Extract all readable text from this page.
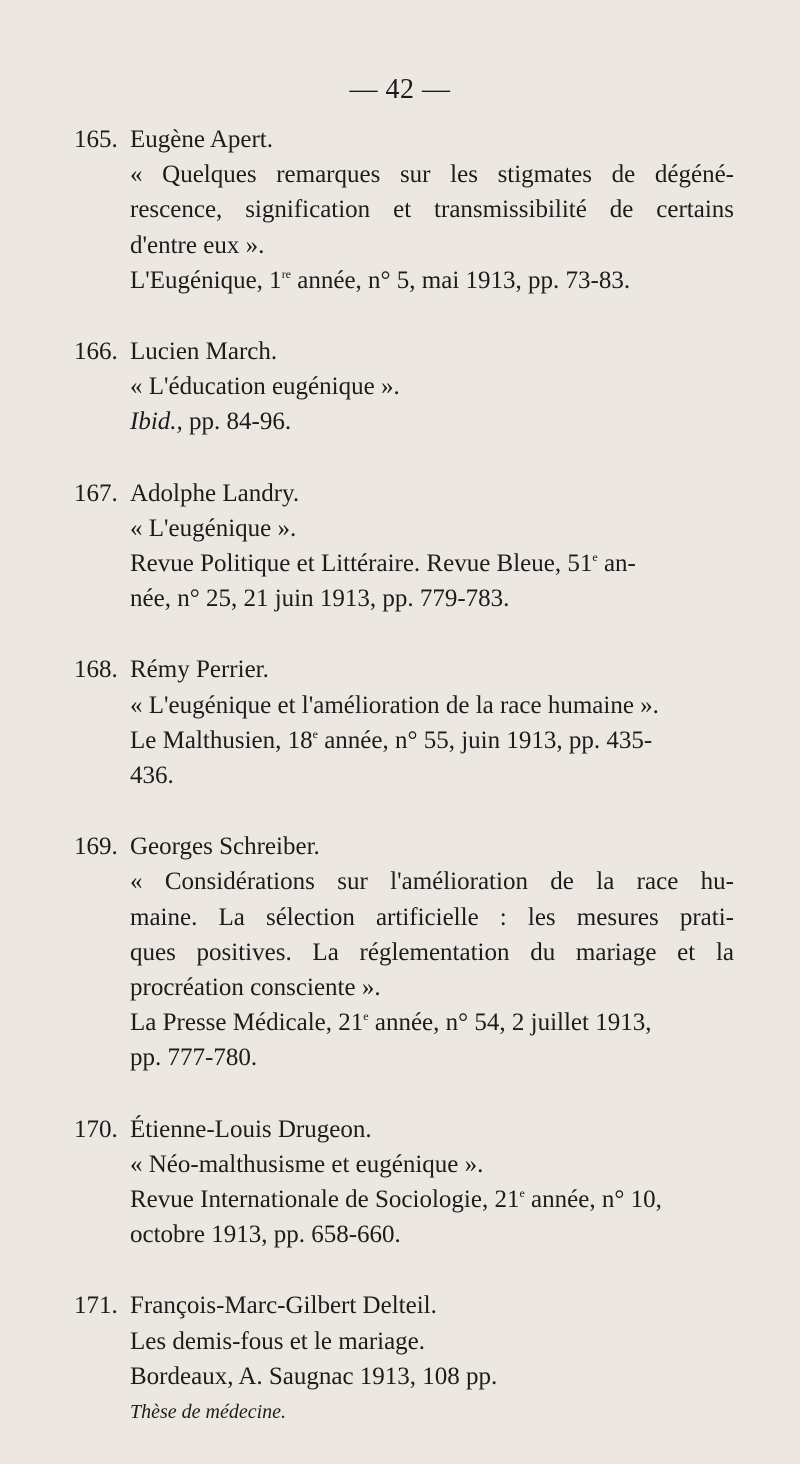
— 42 —
165. Eugène Apert.
« Quelques remarques sur les stigmates de dégéné-
rescence, signification et transmissibilité de certains
d'entre eux ».
L'Eugénique, 1re année, n° 5, mai 1913, pp. 73-83.
166. Lucien March.
« L'éducation eugénique ».
Ibid., pp. 84-96.
167. Adolphe Landry.
« L'eugénique ».
Revue Politique et Littéraire. Revue Bleue, 51e an-
née, n° 25, 21 juin 1913, pp. 779-783.
168. Rémy Perrier.
« L'eugénique et l'amélioration de la race humaine ».
Le Malthusien, 18e année, n° 55, juin 1913, pp. 435-
436.
169. Georges Schreiber.
« Considérations sur l'amélioration de la race hu-
maine. La sélection artificielle : les mesures prati-
ques positives. La réglementation du mariage et la
procréation consciente ».
La Presse Médicale, 21e année, n° 54, 2 juillet 1913,
pp. 777-780.
170. Étienne-Louis Drugeon.
« Néo-malthusisme et eugénique ».
Revue Internationale de Sociologie, 21e année, n° 10,
octobre 1913, pp. 658-660.
171. François-Marc-Gilbert Delteil.
Les demis-fous et le mariage.
Bordeaux, A. Saugnac 1913, 108 pp.
Thèse de médecine.
